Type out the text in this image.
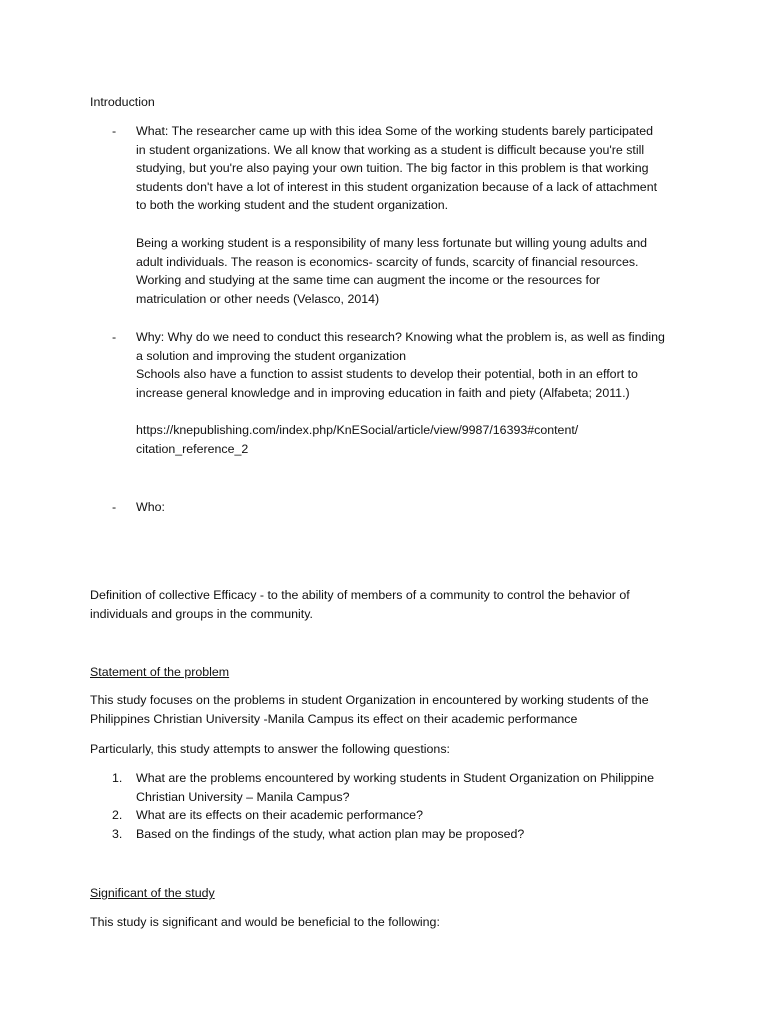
Introduction

- What: The researcher came up with this idea Some of the working students barely participated

in student organizations. We all know that working as a student is difficult because you're still

studying, but you're also paying your own tuition. The big factor in this problem is that working

students don't have a lot of interest in this student organization because of a lack of attachment

to both the working student and the student organization.

Being a working student is a responsibility of many less fortunate but willing young adults and

adult individuals. The reason is economics- scarcity of funds, scarcity of financial resources.

Working and studying at the same time can augment the income or the resources for

matriculation or other needs (Velasco, 2014)

- Why: Why do we need to conduct this research? Knowing what the problem is, as well as finding

a solution and improving the student organization

Schools also have a function to assist students to develop their potential, both in an effort to

increase general knowledge and in improving education in faith and piety (Alfabeta; 2011.)

https://knepublishing.com/index.php/KnESocial/article/view/9987/16393#content/

citation_reference_2

- Who:

Definition of collective Efficacy - to the ability of members of a community to control the behavior of

individuals and groups in the community.

Statement of the problem

This study focuses on the problems in student Organization in encountered by working students of the

Philippines Christian University -Manila Campus its effect on their academic performance

Particularly, this study attempts to answer the following questions:

1. What are the problems encountered by working students in Student Organization on Philippine

Christian University – Manila Campus?

2. What are its effects on their academic performance?

3. Based on the findings of the study, what action plan may be proposed?

Significant of the study

This study is significant and would be beneficial to the following:
